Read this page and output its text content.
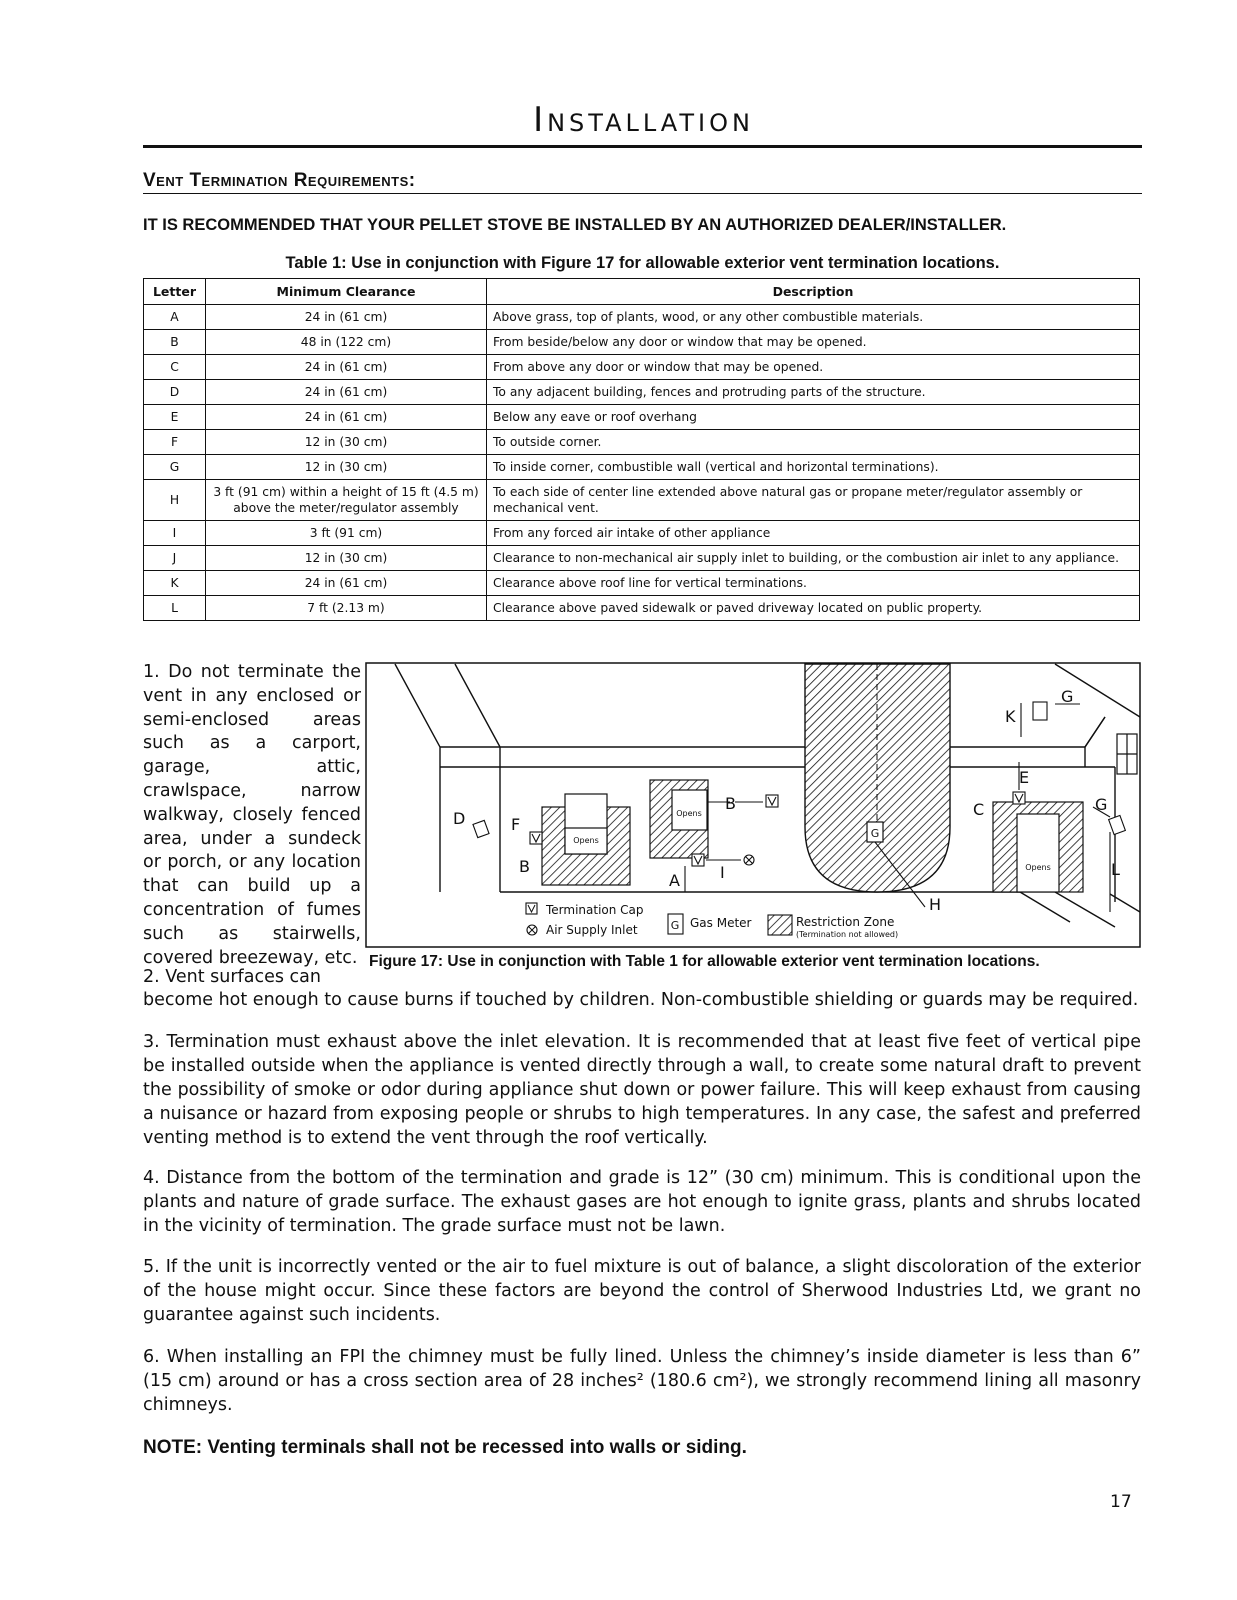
Installation
Vent Termination Requirements:
IT IS RECOMMENDED THAT YOUR PELLET STOVE BE INSTALLED BY AN AUTHORIZED DEALER/INSTALLER.
Table 1: Use in conjunction with Figure 17 for allowable exterior vent termination locations.
Letter	Minimum Clearance	Description
A	24 in (61 cm)	Above grass, top of plants, wood, or any other combustible materials.
B	48 in (122 cm)	From beside/below any door or window that may be opened.
C	24 in (61 cm)	From above any door or window that may be opened.
D	24 in (61 cm)	To any adjacent building, fences and protruding parts of the structure.
E	24 in (61 cm)	Below any eave or roof overhang
F	12 in (30 cm)	To outside corner.
G	12 in (30 cm)	To inside corner, combustible wall (vertical and horizontal terminations).
H	3 ft (91 cm) within a height of 15 ft (4.5 m) above the meter/regulator assembly	To each side of center line extended above natural gas or propane meter/regulator assembly or mechanical vent.
I	3 ft (91 cm)	From any forced air intake of other appliance
J	12 in (30 cm)	Clearance to non-mechanical air supply inlet to building, or the combustion air inlet to any appliance.
K	24 in (61 cm)	Clearance above roof line for vertical terminations.
L	7 ft (2.13 m)	Clearance above paved sidewalk or paved driveway located on public property.
1. Do not terminate the vent in any enclosed or semi-enclosed areas such as a carport, garage, attic, crawlspace, narrow walkway, closely fenced area, under a sundeck or porch, or any location that can build up a concentration of fumes such as stairwells, covered breezeway, etc.
Opens
Opens
Opens
G
D	F
B
B
A	I
H
C
E
K
G
G
L
Termination Cap
Air Supply Inlet	G Gas Meter	Restriction Zone
(Termination not allowed)
Figure 17: Use in conjunction with Table 1 for allowable exterior vent termination locations.
2. Vent surfaces can
become hot enough to cause burns if touched by children. Non-combustible shielding or guards may be required.
3. Termination must exhaust above the inlet elevation. It is recommended that at least five feet of vertical pipe be installed outside when the appliance is vented directly through a wall, to create some natural draft to prevent the possibility of smoke or odor during appliance shut down or power failure. This will keep exhaust from causing a nuisance or hazard from exposing people or shrubs to high temperatures. In any case, the safest and preferred venting method is to extend the vent through the roof vertically.
4. Distance from the bottom of the termination and grade is 12” (30 cm) minimum. This is conditional upon the plants and nature of grade surface. The exhaust gases are hot enough to ignite grass, plants and shrubs located in the vicinity of termination. The grade surface must not be lawn.
5. If the unit is incorrectly vented or the air to fuel mixture is out of balance, a slight discoloration of the exterior of the house might occur. Since these factors are beyond the control of Sherwood Industries Ltd, we grant no guarantee against such incidents.
6. When installing an FPI the chimney must be fully lined. Unless the chimney’s inside diameter is less than 6” (15 cm) around or has a cross section area of 28 inches² (180.6 cm²), we strongly recommend lining all masonry chimneys.
NOTE: Venting terminals shall not be recessed into walls or siding.
17
